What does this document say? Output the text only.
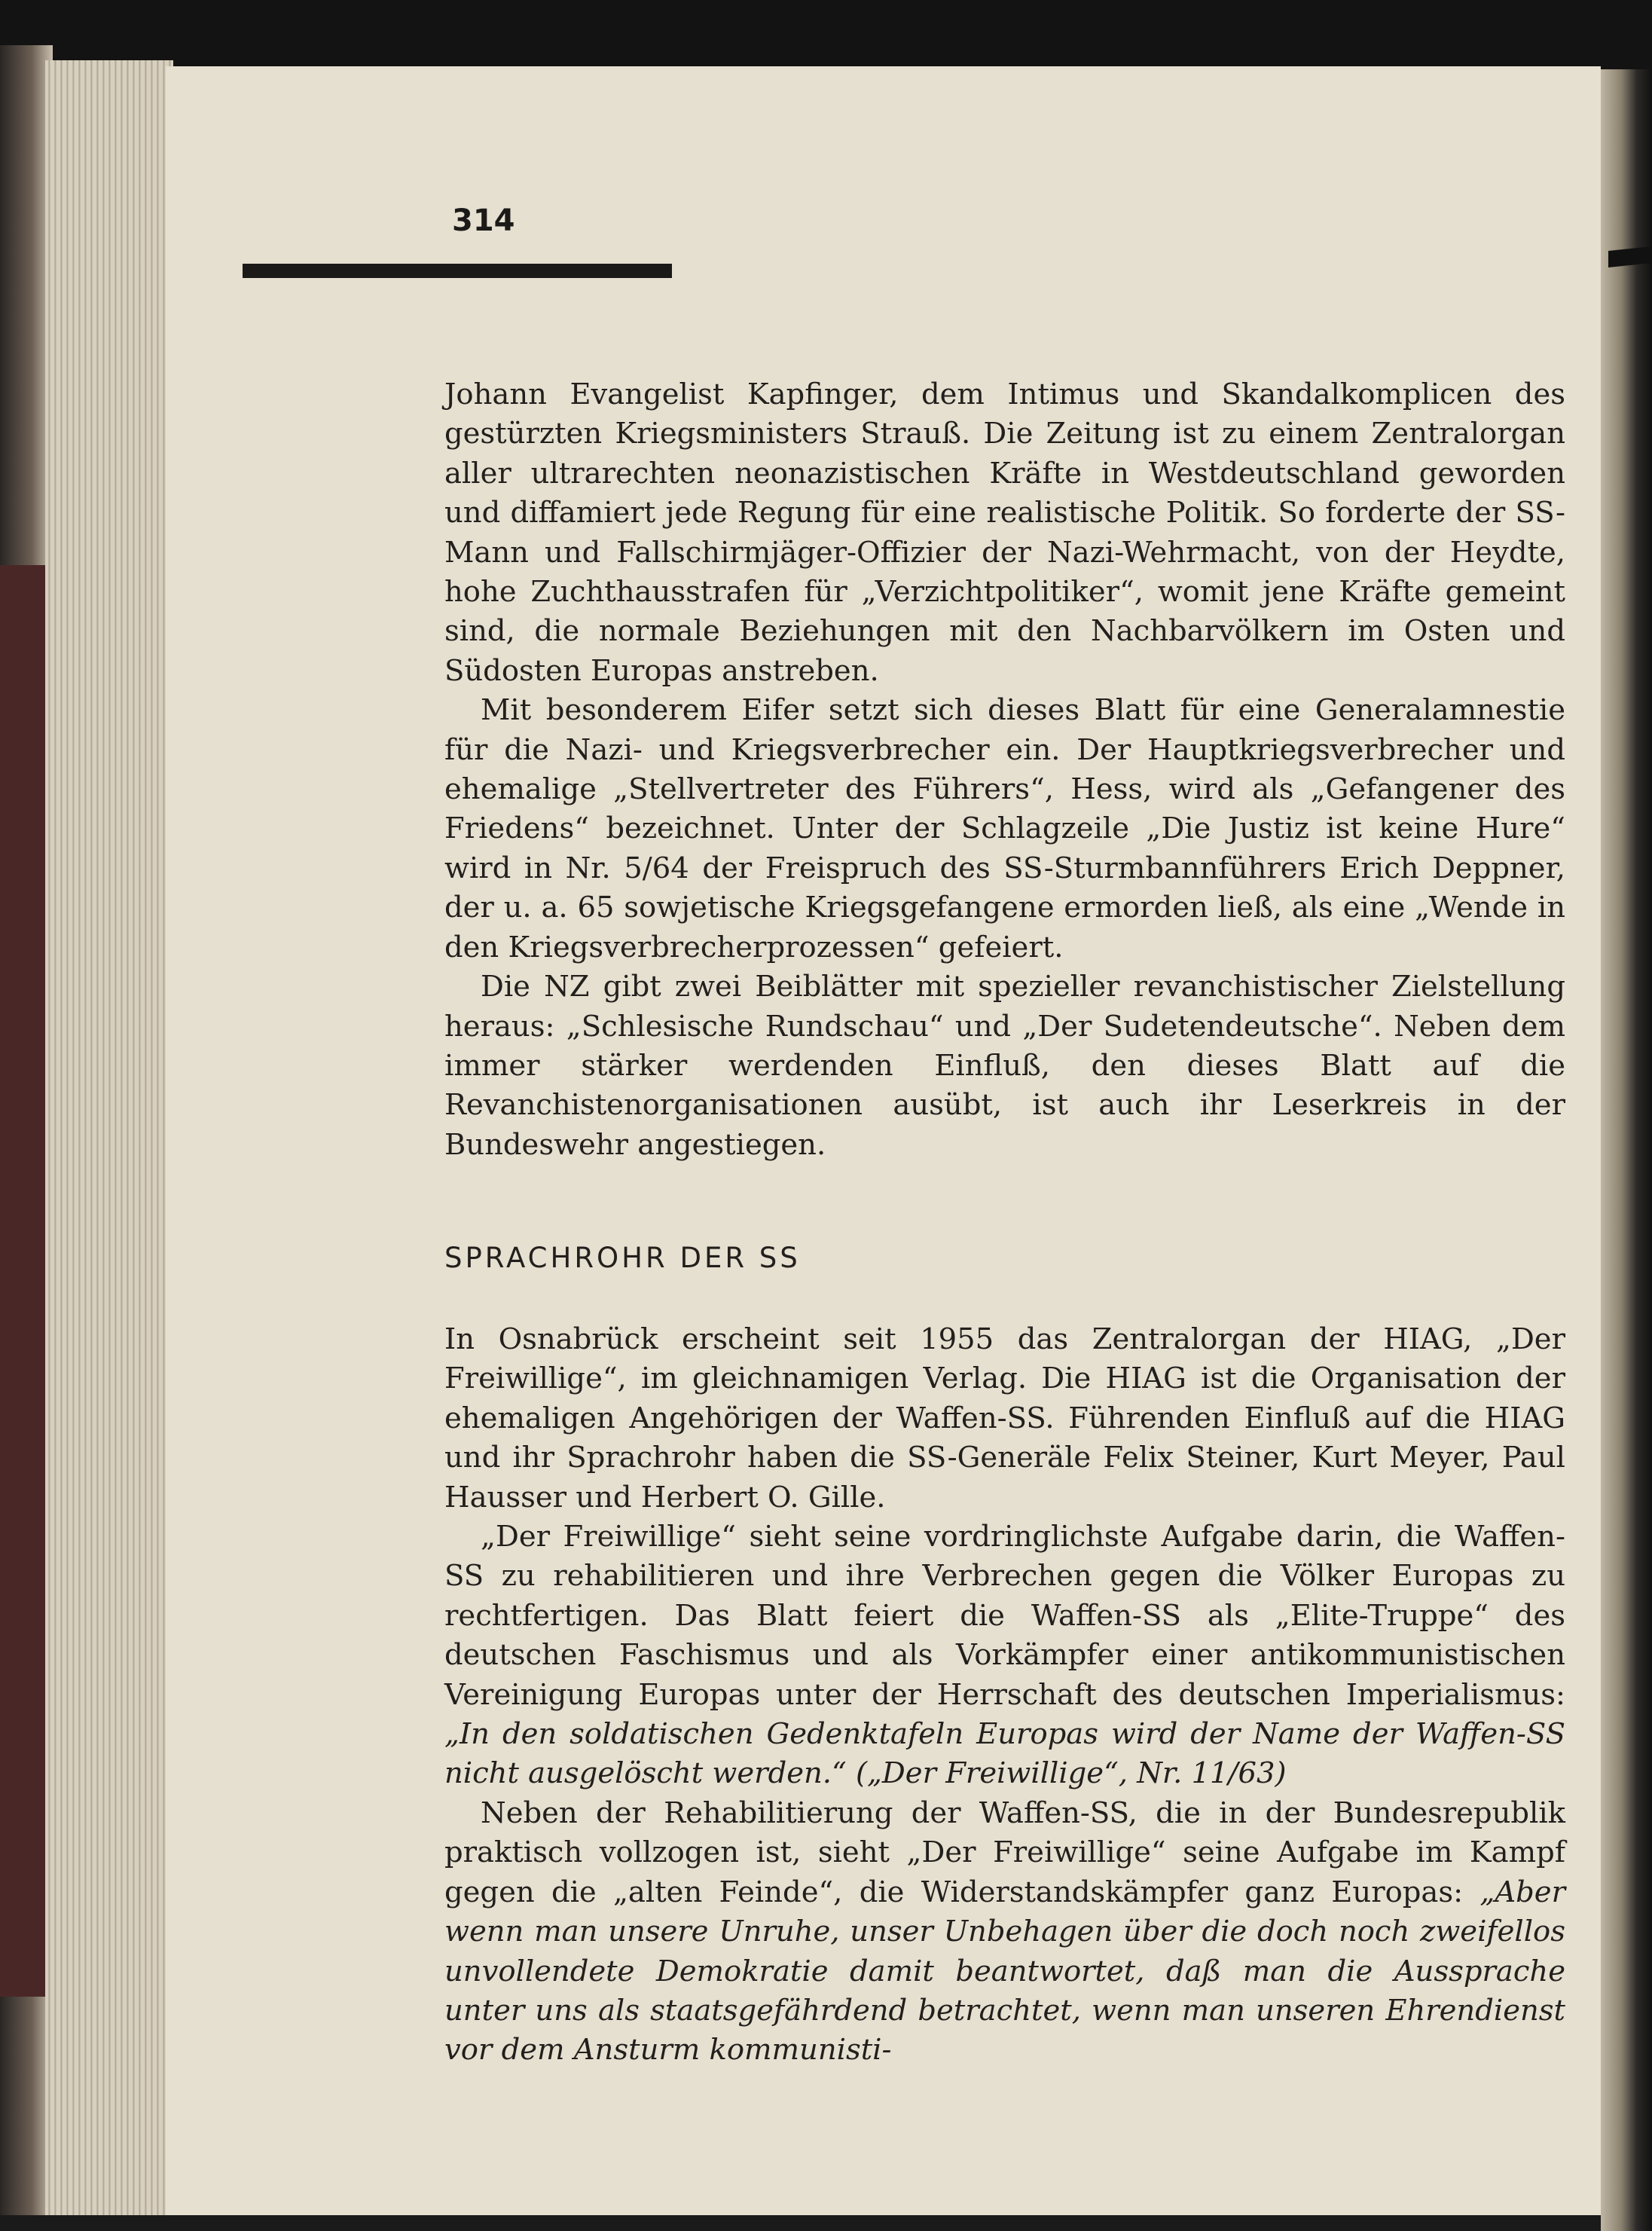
314

Johann Evangelist Kapfinger, dem Intimus und Skandalkomplicen des gestürzten Kriegsministers Strauß. Die Zeitung ist zu einem Zentralorgan aller ultrarechten neonazistischen Kräfte in Westdeutschland geworden und diffamiert jede Regung für eine realistische Politik. So forderte der SS-Mann und Fallschirmjäger-Offizier der Nazi-Wehrmacht, von der Heydte, hohe Zuchthausstrafen für „Verzichtpolitiker“, womit jene Kräfte gemeint sind, die normale Beziehungen mit den Nachbarvölkern im Osten und Südosten Europas anstreben.

Mit besonderem Eifer setzt sich dieses Blatt für eine Generalamnestie für die Nazi- und Kriegsverbrecher ein. Der Hauptkriegsverbrecher und ehemalige „Stellvertreter des Führers“, Hess, wird als „Gefangener des Friedens“ bezeichnet. Unter der Schlagzeile „Die Justiz ist keine Hure“ wird in Nr. 5/64 der Freispruch des SS-Sturmbannführers Erich Deppner, der u. a. 65 sowjetische Kriegsgefangene ermorden ließ, als eine „Wende in den Kriegsverbrecherprozessen“ gefeiert.

Die NZ gibt zwei Beiblätter mit spezieller revanchistischer Zielstellung heraus: „Schlesische Rundschau“ und „Der Sudetendeutsche“. Neben dem immer stärker werdenden Einfluß, den dieses Blatt auf die Revanchistenorganisationen ausübt, ist auch ihr Leserkreis in der Bundeswehr angestiegen.

SPRACHROHR DER SS

In Osnabrück erscheint seit 1955 das Zentralorgan der HIAG, „Der Freiwillige“, im gleichnamigen Verlag. Die HIAG ist die Organisation der ehemaligen Angehörigen der Waffen-SS. Führenden Einfluß auf die HIAG und ihr Sprachrohr haben die SS-Generäle Felix Steiner, Kurt Meyer, Paul Hausser und Herbert O. Gille.

„Der Freiwillige“ sieht seine vordringlichste Aufgabe darin, die Waffen-SS zu rehabilitieren und ihre Verbrechen gegen die Völker Europas zu rechtfertigen. Das Blatt feiert die Waffen-SS als „Elite-Truppe“ des deutschen Faschismus und als Vorkämpfer einer antikommunistischen Vereinigung Europas unter der Herrschaft des deutschen Imperialismus: „In den soldatischen Gedenktafeln Europas wird der Name der Waffen-SS nicht ausgelöscht werden.“ („Der Freiwillige“, Nr. 11/63)

Neben der Rehabilitierung der Waffen-SS, die in der Bundesrepublik praktisch vollzogen ist, sieht „Der Freiwillige“ seine Aufgabe im Kampf gegen die „alten Feinde“, die Widerstandskämpfer ganz Europas: „Aber wenn man unsere Unruhe, unser Unbehagen über die doch noch zweifellos unvollendete Demokratie damit beantwortet, daß man die Aussprache unter uns als staatsgefährdend betrachtet, wenn man unseren Ehrendienst vor dem Ansturm kommunisti-
